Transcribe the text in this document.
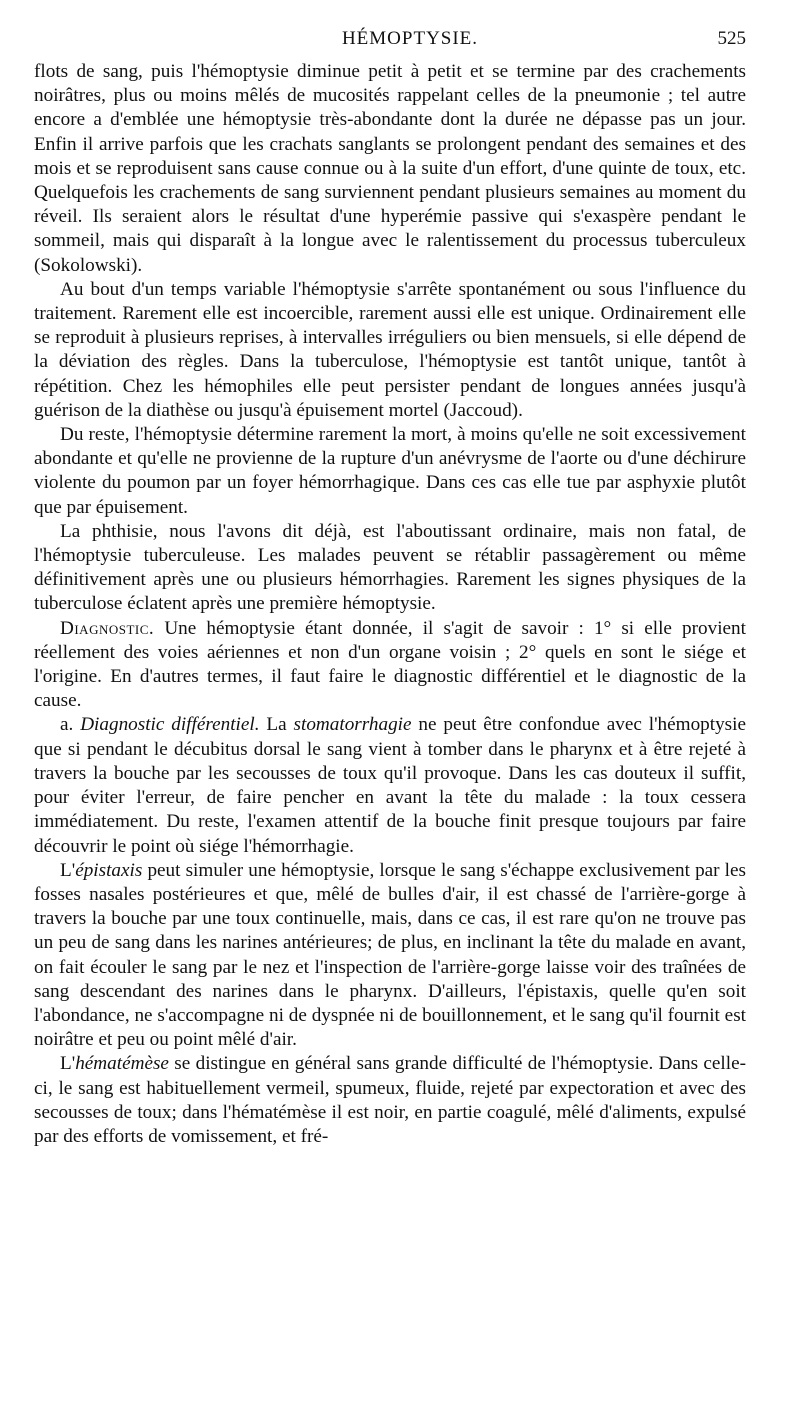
HÉMOPTYSIE.	525

flots de sang, puis l'hémoptysie diminue petit à petit et se termine par des crachements noirâtres, plus ou moins mêlés de mucosités rappelant celles de la pneumonie ; tel autre encore a d'emblée une hémoptysie très-abondante dont la durée ne dépasse pas un jour. Enfin il arrive parfois que les crachats sanglants se prolongent pendant des semaines et des mois et se reproduisent sans cause connue ou à la suite d'un effort, d'une quinte de toux, etc. Quelquefois les crachements de sang surviennent pendant plusieurs semaines au moment du réveil. Ils seraient alors le résultat d'une hyperémie passive qui s'exaspère pendant le sommeil, mais qui disparaît à la longue avec le ralentissement du processus tuberculeux (Sokolowski).

Au bout d'un temps variable l'hémoptysie s'arrête spontanément ou sous l'influence du traitement. Rarement elle est incoercible, rarement aussi elle est unique. Ordinairement elle se reproduit à plusieurs reprises, à intervalles irréguliers ou bien mensuels, si elle dépend de la déviation des règles. Dans la tuberculose, l'hémoptysie est tantôt unique, tantôt à répétition. Chez les hémophiles elle peut persister pendant de longues années jusqu'à guérison de la diathèse ou jusqu'à épuisement mortel (Jaccoud).

Du reste, l'hémoptysie détermine rarement la mort, à moins qu'elle ne soit excessivement abondante et qu'elle ne provienne de la rupture d'un anévrysme de l'aorte ou d'une déchirure violente du poumon par un foyer hémorrhagique. Dans ces cas elle tue par asphyxie plutôt que par épuisement.

La phthisie, nous l'avons dit déjà, est l'aboutissant ordinaire, mais non fatal, de l'hémoptysie tuberculeuse. Les malades peuvent se rétablir passagèrement ou même définitivement après une ou plusieurs hémorrhagies. Rarement les signes physiques de la tuberculose éclatent après une première hémoptysie.

Diagnostic. Une hémoptysie étant donnée, il s'agit de savoir : 1° si elle provient réellement des voies aériennes et non d'un organe voisin ; 2° quels en sont le siége et l'origine. En d'autres termes, il faut faire le diagnostic différentiel et le diagnostic de la cause.

a. Diagnostic différentiel. La stomatorrhagie ne peut être confondue avec l'hémoptysie que si pendant le décubitus dorsal le sang vient à tomber dans le pharynx et à être rejeté à travers la bouche par les secousses de toux qu'il provoque. Dans les cas douteux il suffit, pour éviter l'erreur, de faire pencher en avant la tête du malade : la toux cessera immédiatement. Du reste, l'examen attentif de la bouche finit presque toujours par faire découvrir le point où siége l'hémorrhagie.

L'épistaxis peut simuler une hémoptysie, lorsque le sang s'échappe exclusivement par les fosses nasales postérieures et que, mêlé de bulles d'air, il est chassé de l'arrière-gorge à travers la bouche par une toux continuelle, mais, dans ce cas, il est rare qu'on ne trouve pas un peu de sang dans les narines antérieures; de plus, en inclinant la tête du malade en avant, on fait écouler le sang par le nez et l'inspection de l'arrière-gorge laisse voir des traînées de sang descendant des narines dans le pharynx. D'ailleurs, l'épistaxis, quelle qu'en soit l'abondance, ne s'accompagne ni de dyspnée ni de bouillonnement, et le sang qu'il fournit est noirâtre et peu ou point mêlé d'air.

L'hématémèse se distingue en général sans grande difficulté de l'hémoptysie. Dans celle-ci, le sang est habituellement vermeil, spumeux, fluide, rejeté par expectoration et avec des secousses de toux; dans l'hématémèse il est noir, en partie coagulé, mêlé d'aliments, expulsé par des efforts de vomissement, et fré-
